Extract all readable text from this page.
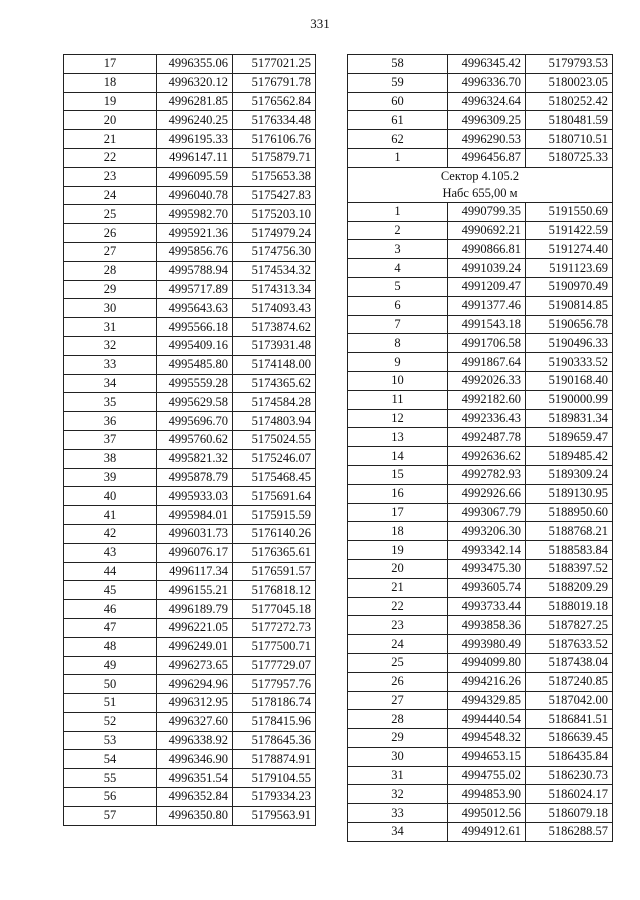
331
17	4996355.06	5177021.25
18	4996320.12	5176791.78
19	4996281.85	5176562.84
20	4996240.25	5176334.48
21	4996195.33	5176106.76
22	4996147.11	5175879.71
23	4996095.59	5175653.38
24	4996040.78	5175427.83
25	4995982.70	5175203.10
26	4995921.36	5174979.24
27	4995856.76	5174756.30
28	4995788.94	5174534.32
29	4995717.89	5174313.34
30	4995643.63	5174093.43
31	4995566.18	5173874.62
32	4995409.16	5173931.48
33	4995485.80	5174148.00
34	4995559.28	5174365.62
35	4995629.58	5174584.28
36	4995696.70	5174803.94
37	4995760.62	5175024.55
38	4995821.32	5175246.07
39	4995878.79	5175468.45
40	4995933.03	5175691.64
41	4995984.01	5175915.59
42	4996031.73	5176140.26
43	4996076.17	5176365.61
44	4996117.34	5176591.57
45	4996155.21	5176818.12
46	4996189.79	5177045.18
47	4996221.05	5177272.73
48	4996249.01	5177500.71
49	4996273.65	5177729.07
50	4996294.96	5177957.76
51	4996312.95	5178186.74
52	4996327.60	5178415.96
53	4996338.92	5178645.36
54	4996346.90	5178874.91
55	4996351.54	5179104.55
56	4996352.84	5179334.23
57	4996350.80	5179563.91
58	4996345.42	5179793.53
59	4996336.70	5180023.05
60	4996324.64	5180252.42
61	4996309.25	5180481.59
62	4996290.53	5180710.51
1	4996456.87	5180725.33

Сектор 4.105.2
Набс 655,00 м		

1	4990799.35	5191550.69
2	4990692.21	5191422.59
3	4990866.81	5191274.40
4	4991039.24	5191123.69
5	4991209.47	5190970.49
6	4991377.46	5190814.85
7	4991543.18	5190656.78
8	4991706.58	5190496.33
9	4991867.64	5190333.52
10	4992026.33	5190168.40
11	4992182.60	5190000.99
12	4992336.43	5189831.34
13	4992487.78	5189659.47
14	4992636.62	5189485.42
15	4992782.93	5189309.24
16	4992926.66	5189130.95
17	4993067.79	5188950.60
18	4993206.30	5188768.21
19	4993342.14	5188583.84
20	4993475.30	5188397.52
21	4993605.74	5188209.29
22	4993733.44	5188019.18
23	4993858.36	5187827.25
24	4993980.49	5187633.52
25	4994099.80	5187438.04
26	4994216.26	5187240.85
27	4994329.85	5187042.00
28	4994440.54	5186841.51
29	4994548.32	5186639.45
30	4994653.15	5186435.84
31	4994755.02	5186230.73
32	4994853.90	5186024.17
33	4995012.56	5186079.18
34	4994912.61	5186288.57
